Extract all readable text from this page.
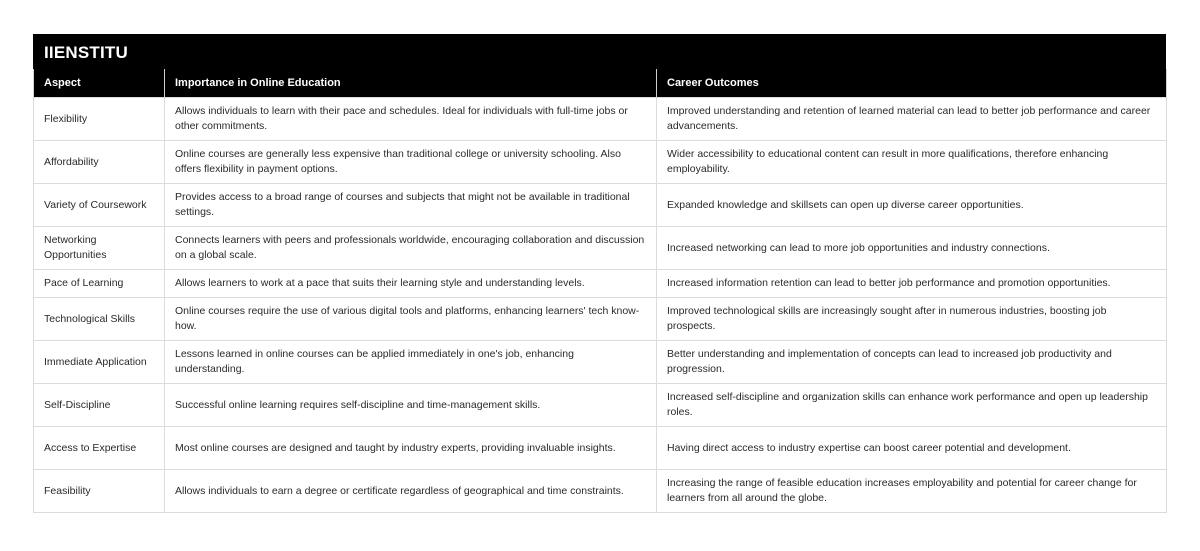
IIENSTITU
Aspect	Importance in Online Education	Career Outcomes
Flexibility	Allows individuals to learn with their pace and schedules. Ideal for individuals with full-time jobs or other commitments.	Improved understanding and retention of learned material can lead to better job performance and career advancements.
Affordability	Online courses are generally less expensive than traditional college or university schooling. Also offers flexibility in payment options.	Wider accessibility to educational content can result in more qualifications, therefore enhancing employability.
Variety of Coursework	Provides access to a broad range of courses and subjects that might not be available in traditional settings.	Expanded knowledge and skillsets can open up diverse career opportunities.
Networking Opportunities	Connects learners with peers and professionals worldwide, encouraging collaboration and discussion on a global scale.	Increased networking can lead to more job opportunities and industry connections.
Pace of Learning	Allows learners to work at a pace that suits their learning style and understanding levels.	Increased information retention can lead to better job performance and promotion opportunities.
Technological Skills	Online courses require the use of various digital tools and platforms, enhancing learners' tech know-how.	Improved technological skills are increasingly sought after in numerous industries, boosting job prospects.
Immediate Application	Lessons learned in online courses can be applied immediately in one's job, enhancing understanding.	Better understanding and implementation of concepts can lead to increased job productivity and progression.
Self-Discipline	Successful online learning requires self-discipline and time-management skills.	Increased self-discipline and organization skills can enhance work performance and open up leadership roles.
Access to Expertise	Most online courses are designed and taught by industry experts, providing invaluable insights.	Having direct access to industry expertise can boost career potential and development.
Feasibility	Allows individuals to earn a degree or certificate regardless of geographical and time constraints.	Increasing the range of feasible education increases employability and potential for career change for learners from all around the globe.
